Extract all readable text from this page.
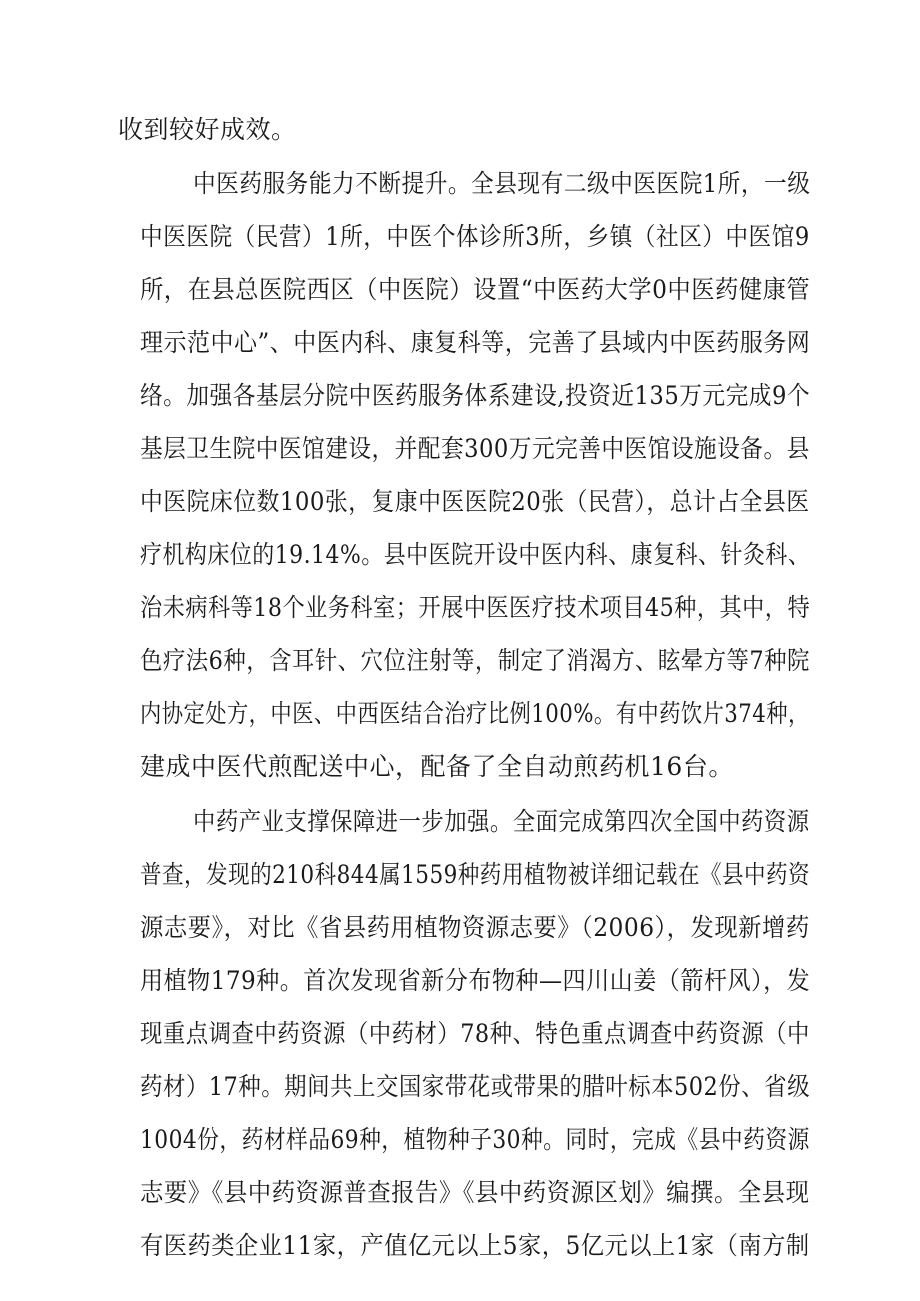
收到较好成效。
中医药服务能力不断提升。全县现有二级中医医院1所，一级
中医医院（民营）1所，中医个体诊所3所，乡镇（社区）中医馆9
所，在县总医院西区（中医院）设置“中医药大学0中医药健康管
理示范中心”、中医内科、康复科等，完善了县域内中医药服务网
络。加强各基层分院中医药服务体系建设,投资近135万元完成9个
基层卫生院中医馆建设，并配套300万元完善中医馆设施设备。县
中医院床位数100张，复康中医医院20张（民营），总计占全县医
疗机构床位的19.14%。县中医院开设中医内科、康复科、针灸科、
治未病科等18个业务科室；开展中医医疗技术项目45种，其中，特
色疗法6种，含耳针、穴位注射等，制定了消渴方、眩晕方等7种院
内协定处方，中医、中西医结合治疗比例100%。有中药饮片374种，
建成中医代煎配送中心，配备了全自动煎药机16台。
中药产业支撑保障进一步加强。全面完成第四次全国中药资源
普查，发现的210科844属1559种药用植物被详细记载在《县中药资
源志要》，对比《省县药用植物资源志要》（2006），发现新增药
用植物179种。首次发现省新分布物种—四川山姜（箭杆风），发
现重点调查中药资源（中药材）78种、特色重点调查中药资源（中
药材）17种。期间共上交国家带花或带果的腊叶标本502份、省级
1004份，药材样品69种，植物种子30种。同时，完成《县中药资源
志要》《县中药资源普查报告》《县中药资源区划》编撰。全县现
有医药类企业11家，产值亿元以上5家，5亿元以上1家（南方制
